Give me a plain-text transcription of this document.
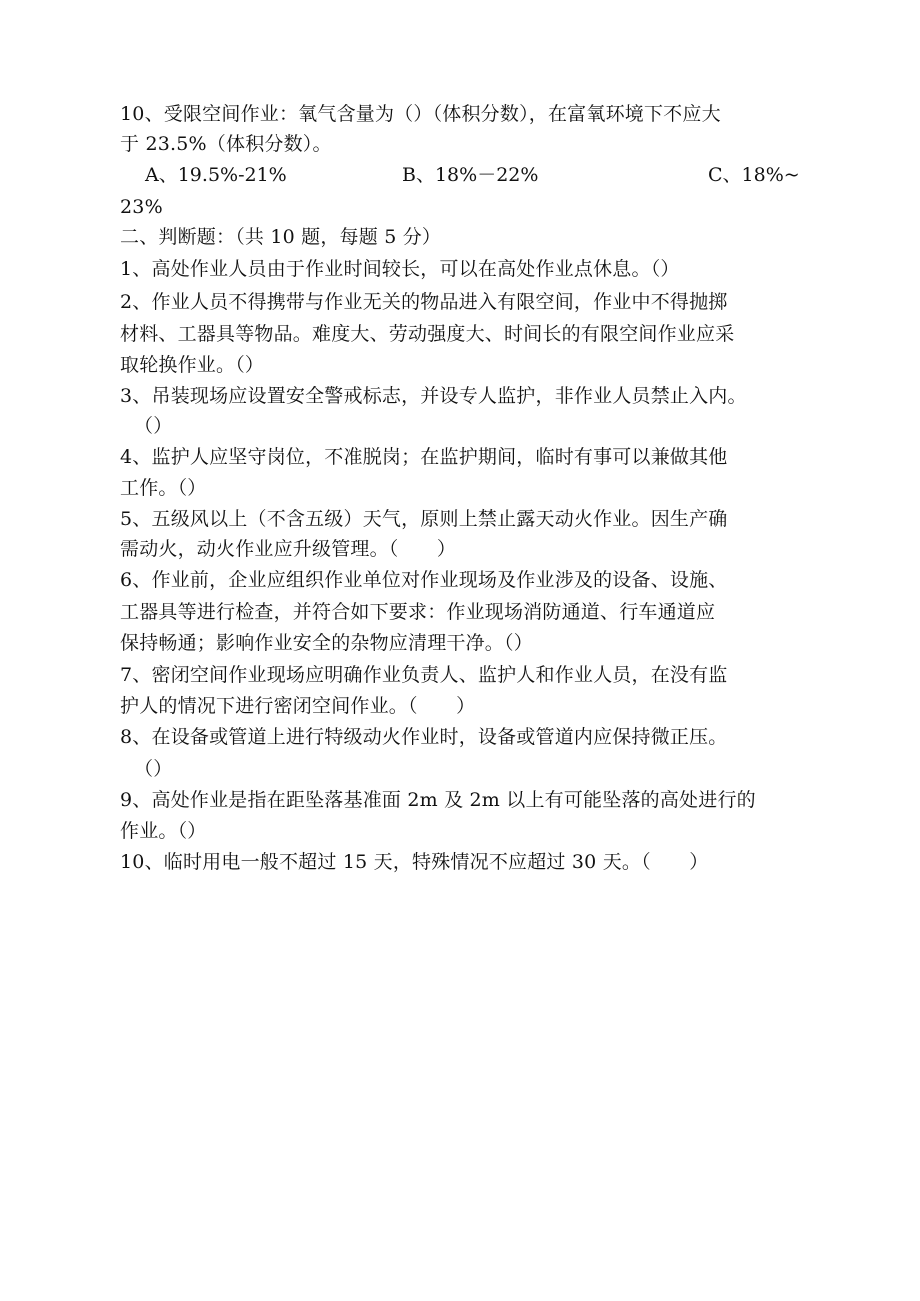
10、受限空间作业：氧气含量为（）（体积分数），在富氧环境下不应大
于 23.5%（体积分数）。
A、19.5%-21%	B、18%－22%	C、18%~
23%
二、判断题：（共 10 题，每题 5 分）
1、高处作业人员由于作业时间较长，可以在高处作业点休息。（）
2、作业人员不得携带与作业无关的物品进入有限空间，作业中不得抛掷
材料、工器具等物品。难度大、劳动强度大、时间长的有限空间作业应采
取轮换作业。（）
3、吊装现场应设置安全警戒标志，并设专人监护，非作业人员禁止入内。
（）
4、监护人应坚守岗位，不准脱岗；在监护期间，临时有事可以兼做其他
工作。（）
5、五级风以上（不含五级）天气，原则上禁止露天动火作业。因生产确
需动火，动火作业应升级管理。（　　）
6、作业前，企业应组织作业单位对作业现场及作业涉及的设备、设施、
工器具等进行检查，并符合如下要求：作业现场消防通道、行车通道应
保持畅通；影响作业安全的杂物应清理干净。（）
7、密闭空间作业现场应明确作业负责人、监护人和作业人员，在没有监
护人的情况下进行密闭空间作业。（　　）
8、在设备或管道上进行特级动火作业时，设备或管道内应保持微正压。
（）
9、高处作业是指在距坠落基准面 2m 及 2m 以上有可能坠落的高处进行的
作业。（）
10、临时用电一般不超过 15 天，特殊情况不应超过 30 天。（　　）
